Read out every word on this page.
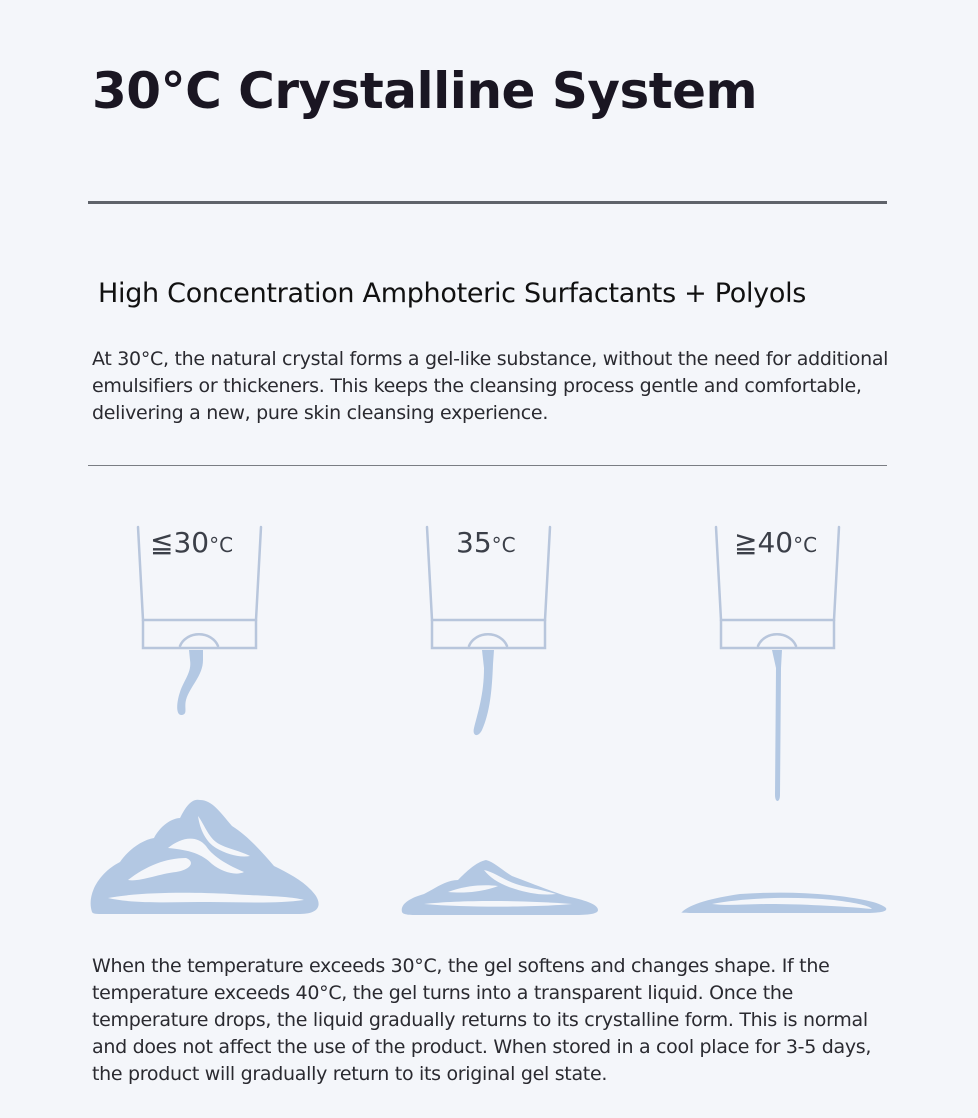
30°C Crystalline System
High Concentration Amphoteric Surfactants + Polyols

At 30°C, the natural crystal forms a gel-like substance, without the need for additional emulsifiers or thickeners. This keeps the cleansing process gentle and comfortable, delivering a new, pure skin cleansing experience.

≦30°C	35°C	≧40°C

When the temperature exceeds 30°C, the gel softens and changes shape. If the temperature exceeds 40°C, the gel turns into a transparent liquid. Once the temperature drops, the liquid gradually returns to its crystalline form. This is normal and does not affect the use of the product. When stored in a cool place for 3-5 days, the product will gradually return to its original gel state.
